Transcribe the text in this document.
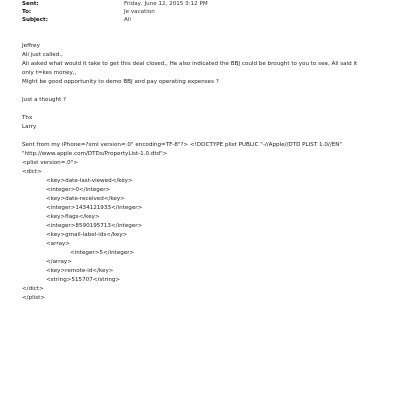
Sent:	Friday, June 12, 2015 3:12 PM
To:	Je vacation
Subject:	Ali
Jeffrey
Ali just called.,
Ali asked what would it take to get this deal closed,, He also indicated the BBJ could be brought to you to see, Ali said it
only t=kes money,,
Might be good opportunity to demo BBJ and pay operating expenses ?
Just a thought ?
Thx
Larry
Sent from my iPhone=?xml version=.0" encoding=TF-8"?> <!DOCTYPE plist PUBLIC "-//Apple//DTD PLIST 1.0//EN"
"http://www.apple.com/DTDs/PropertyList-1.0.dtd">
<plist version=.0">
<dict>
<key>date-last-viewed</key>
<integer>0</integer>
<key>date-received</key>
<integer>1434121933</integer>
<key>flags</key>
<integer>8590195713</integer>
<key>gmail-label-ids</key>
<array>
<integer>5</integer>
</array>
<key>remote-id</key>
<string>515707</string>
</dict>
</plist>
